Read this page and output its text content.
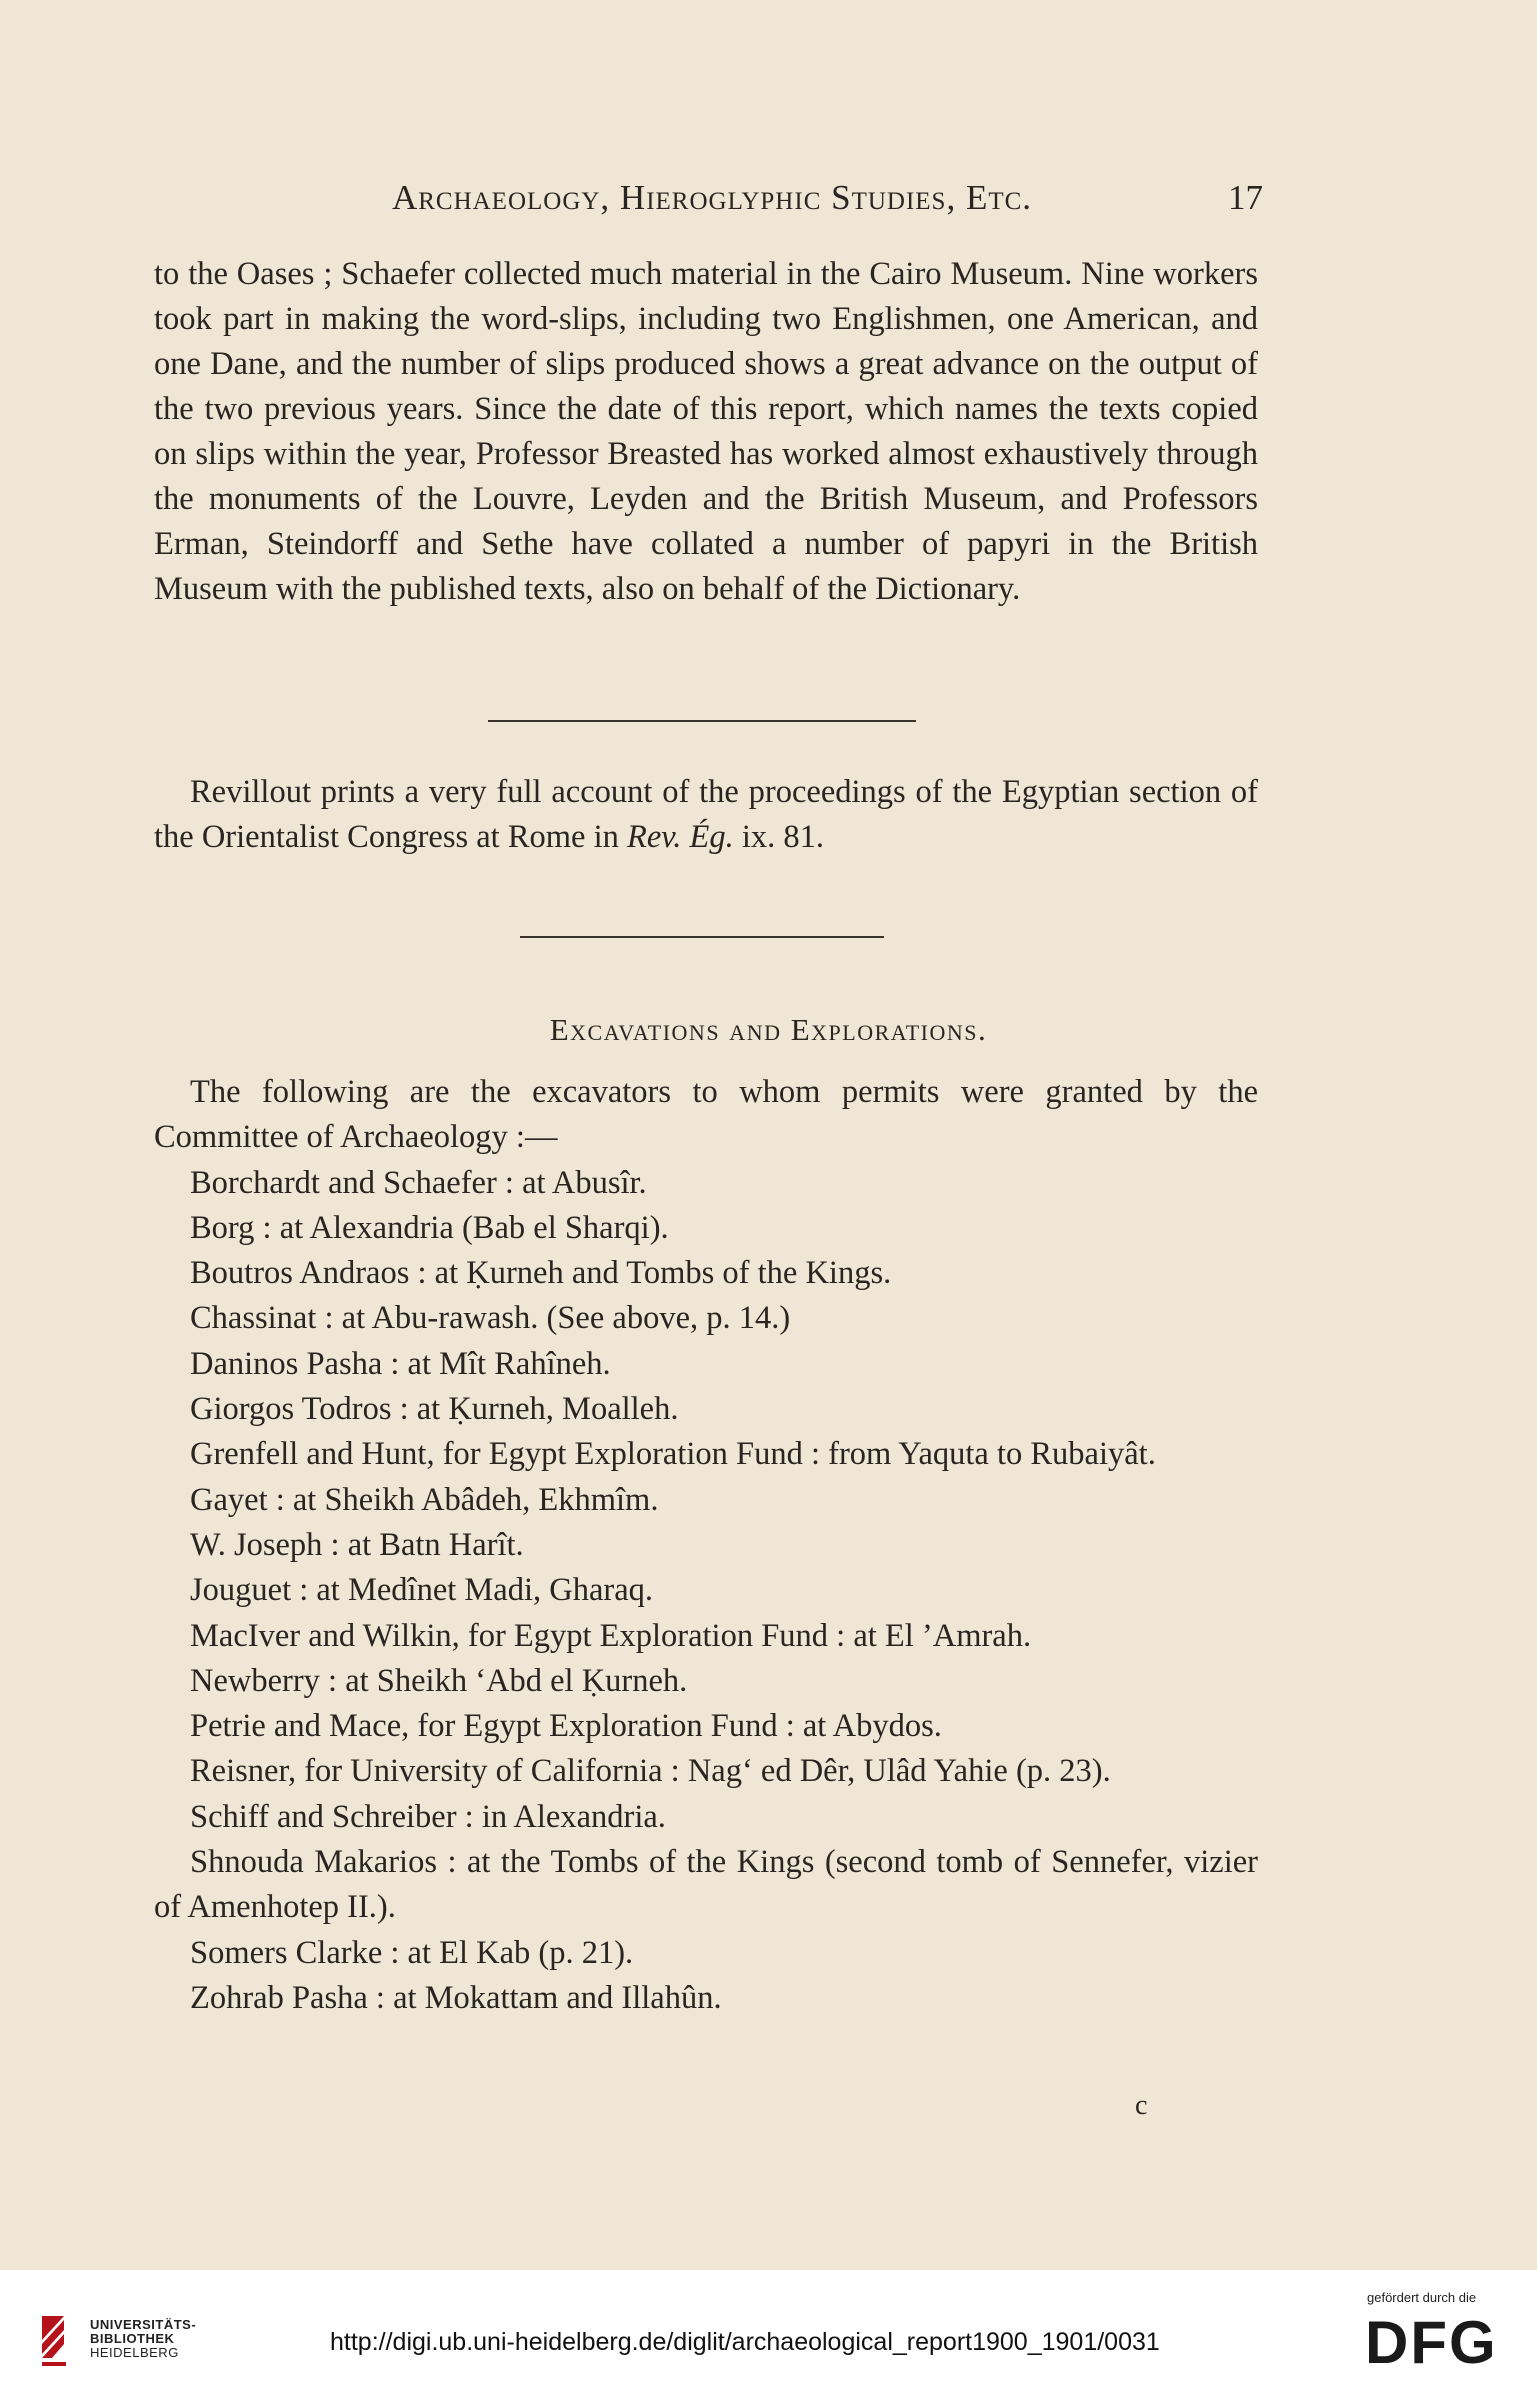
Archaeology, Hieroglyphic Studies, Etc.	17
to the Oases ; Schaefer collected much material in the Cairo Museum. Nine workers took part in making the word-slips, including two Englishmen, one American, and one Dane, and the number of slips produced shows a great advance on the output of the two previous years. Since the date of this report, which names the texts copied on slips within the year, Professor Breasted has worked almost exhaustively through the monuments of the Louvre, Leyden and the British Museum, and Professors Erman, Steindorff and Sethe have collated a number of papyri in the British Museum with the published texts, also on behalf of the Dictionary.
Revillout prints a very full account of the proceedings of the Egyptian section of the Orientalist Congress at Rome in Rev. Ég. ix. 81.
Excavations and Explorations.
The following are the excavators to whom permits were granted by the Committee of Archaeology :—
Borchardt and Schaefer : at Abusîr.
Borg : at Alexandria (Bab el Sharqi).
Boutros Andraos : at Ḳurneh and Tombs of the Kings.
Chassinat : at Abu-rawash. (See above, p. 14.)
Daninos Pasha : at Mît Rahîneh.
Giorgos Todros : at Ḳurneh, Moalleh.
Grenfell and Hunt, for Egypt Exploration Fund : from Yaquta to Rubaiyât.
Gayet : at Sheikh Abâdeh, Ekhmîm.
W. Joseph : at Batn Harît.
Jouguet : at Medînet Madi, Gharaq.
MacIver and Wilkin, for Egypt Exploration Fund : at El ’Amrah.
Newberry : at Sheikh ‘Abd el Ḳurneh.
Petrie and Mace, for Egypt Exploration Fund : at Abydos.
Reisner, for University of California : Nag‘ ed Dêr, Ulâd Yahie (p. 23).
Schiff and Schreiber : in Alexandria.
Shnouda Makarios : at the Tombs of the Kings (second tomb of Sennefer, vizier of Amenhotep II.).
Somers Clarke : at El Kab (p. 21).
Zohrab Pasha : at Mokattam and Illahûn.
c
UNIVERSITÄTS-
BIBLIOTHEK
HEIDELBERG	http://digi.ub.uni-heidelberg.de/diglit/archaeological_report1900_1901/0031
gefördert durch die
DFG
